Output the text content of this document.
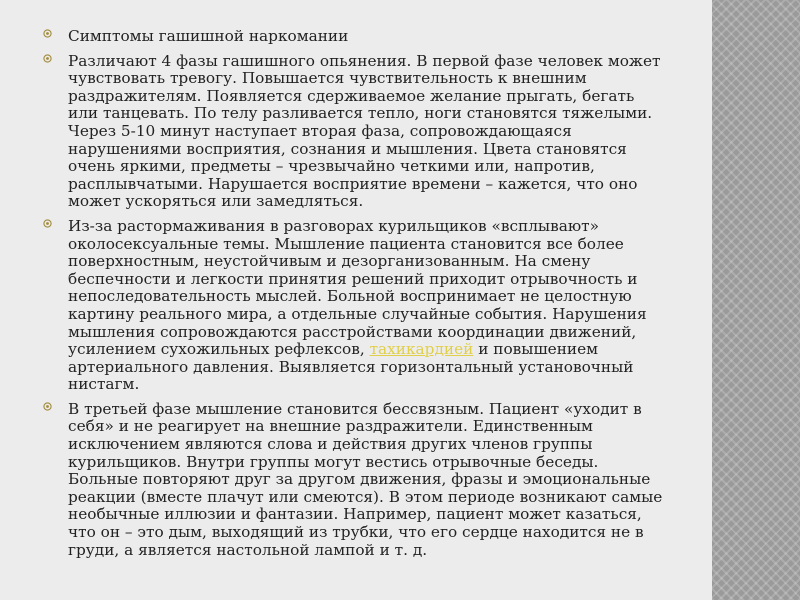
Симптомы гашишной наркомании
Различают 4 фазы гашишного опьянения. В первой фазе человек может чувствовать тревогу. Повышается чувствительность к внешним раздражителям. Появляется сдерживаемое желание прыгать, бегать или танцевать. По телу разливается тепло, ноги становятся тяжелыми. Через 5-10 минут наступает вторая фаза, сопровождающаяся нарушениями восприятия, сознания и мышления. Цвета становятся очень яркими, предметы – чрезвычайно четкими или, напротив, расплывчатыми. Нарушается восприятие времени – кажется, что оно может ускоряться или замедляться.
Из-за растормаживания в разговорах курильщиков «всплывают» околосексуальные темы. Мышление пациента становится все более поверхностным, неустойчивым и дезорганизованным. На смену беспечности и легкости принятия решений приходит отрывочность и непоследовательность мыслей. Больной воспринимает не целостную картину реального мира, а отдельные случайные события. Нарушения мышления сопровождаются расстройствами координации движений, усилением сухожильных рефлексов, тахикардией и повышением артериального давления. Выявляется горизонтальный установочный нистагм.
В третьей фазе мышление становится бессвязным. Пациент «уходит в себя» и не реагирует на внешние раздражители. Единственным исключением являются слова и действия других членов группы курильщиков. Внутри группы могут вестись отрывочные беседы. Больные повторяют друг за другом движения, фразы и эмоциональные реакции (вместе плачут или смеются). В этом периоде возникают самые необычные иллюзии и фантазии. Например, пациент может казаться, что он – это дым, выходящий из трубки, что его сердце находится не в груди, а является настольной лампой и т. д.
